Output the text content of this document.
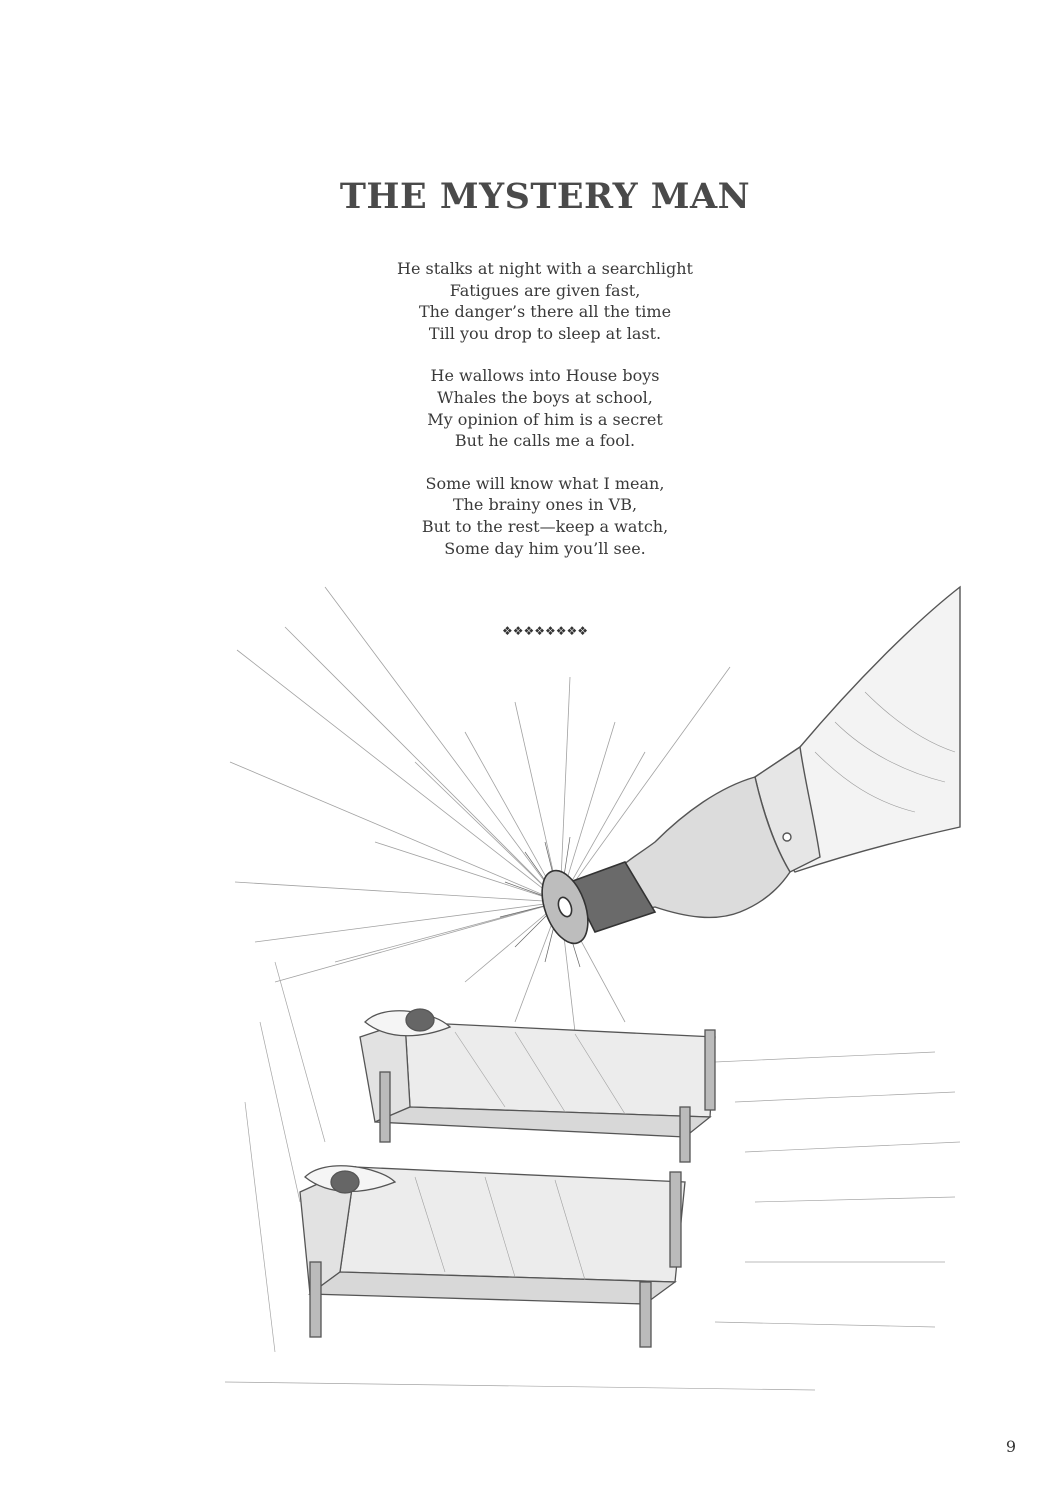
THE MYSTERY MAN
He stalks at night with a searchlight
Fatigues are given fast,
The danger’s there all the time
Till you drop to sleep at last.
He wallows into House boys
Whales the boys at school,
My opinion of him is a secret
But he calls me a fool.
Some will know what I mean,
The brainy ones in VB,
But to the rest—keep a watch,
Some day him you’ll see.
❖❖❖❖❖❖❖❖
9
